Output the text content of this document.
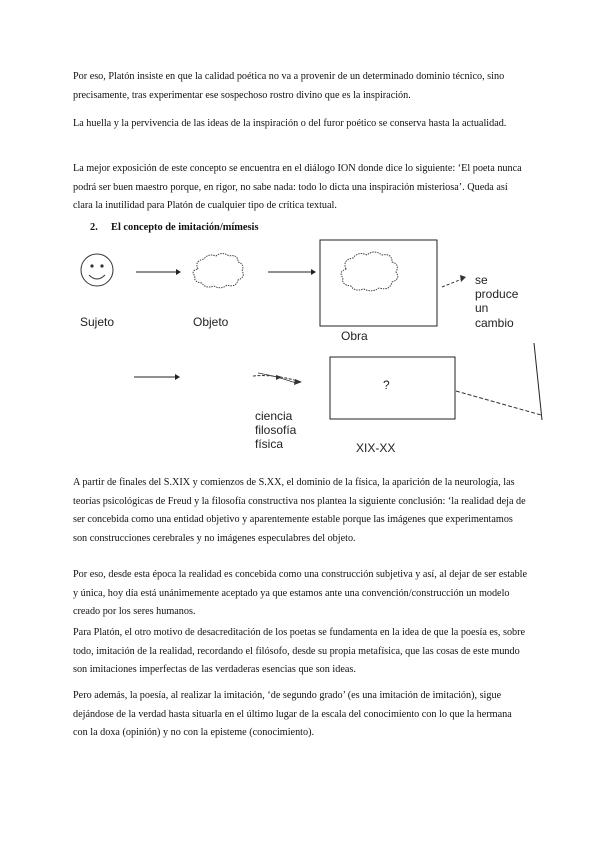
Por eso, Platón insiste en que la calidad poética no va a provenir de un determinado dominio técnico, sino precisamente, tras experimentar ese sospechoso rostro divino que es la inspiración.

La huella y la pervivencia de las ideas de la inspiración o del furor poético se conserva hasta la actualidad.

La mejor exposición de este concepto se encuentra en el diálogo ION donde dice lo siguiente: ‘El poeta nunca podrá ser buen maestro porque, en rigor, no sabe nada: todo lo dicta una inspiración misteriosa’. Queda así clara la inutilidad para Platón de cualquier tipo de crítica textual.

2. El concepto de imitación/mímesis
Sujeto	Objeto
Obra
se
produce
un
cambio
?
ciencia
filosofía
física	XIX-XX

A partir de finales del S.XIX y comienzos de S.XX, el dominio de la física, la aparición de la neurología, las teorías psicológicas de Freud y la filosofía constructiva nos plantea la siguiente conclusión: ‘la realidad deja de ser concebida como una entidad objetivo y aparentemente estable porque las imágenes que experimentamos son construcciones cerebrales y no imágenes especulabres del objeto.

Por eso, desde esta época la realidad es concebida como una construcción subjetiva y así, al dejar de ser estable y única, hoy día está unánimemente aceptado ya que estamos ante una convención/construcción un modelo creado por los seres humanos.

Para Platón, el otro motivo de desacreditación de los poetas se fundamenta en la idea de que la poesía es, sobre todo, imitación de la realidad, recordando el filósofo, desde su propia metafísica, que las cosas de este mundo son imitaciones imperfectas de las verdaderas esencias que son ideas.

Pero además, la poesía, al realizar la imitación, ‘de segundo grado’ (es una imitación de imitación), sigue dejándose de la verdad hasta situarla en el último lugar de la escala del conocimiento con lo que la hermana con la doxa (opinión) y no con la episteme (conocimiento).
